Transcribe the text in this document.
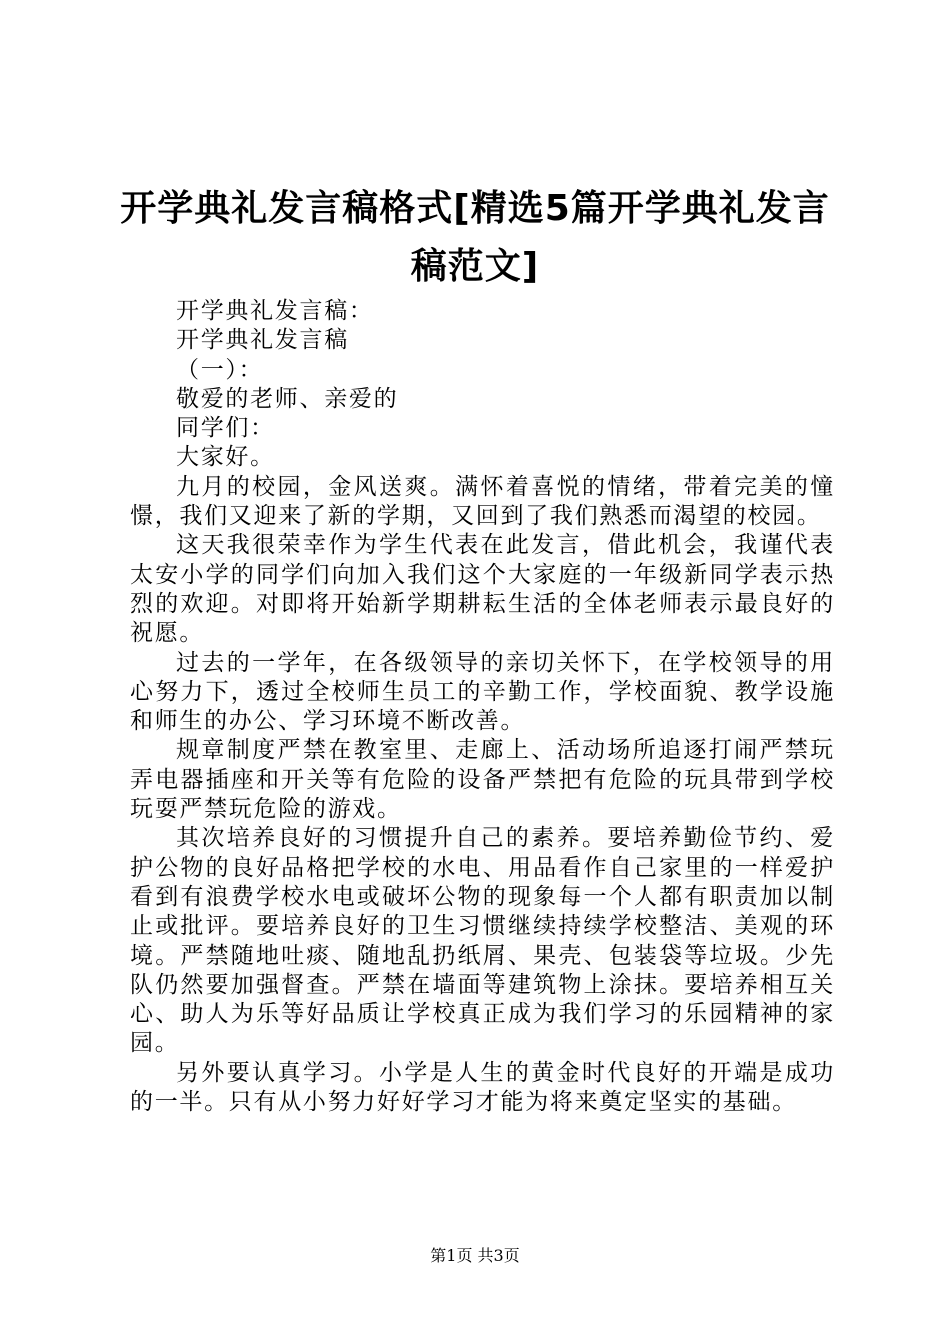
开学典礼发言稿格式[精选5篇开学典礼发言稿范文]

开学典礼发言稿：

开学典礼发言稿

（一）：

敬爱的老师、亲爱的

同学们：

大家好。

九月的校园，金风送爽。满怀着喜悦的情绪，带着完美的憧憬，我们又迎来了新的学期，又回到了我们熟悉而渴望的校园。

这天我很荣幸作为学生代表在此发言，借此机会，我谨代表太安小学的同学们向加入我们这个大家庭的一年级新同学表示热烈的欢迎。对即将开始新学期耕耘生活的全体老师表示最良好的祝愿。

过去的一学年，在各级领导的亲切关怀下，在学校领导的用心努力下，透过全校师生员工的辛勤工作，学校面貌、教学设施和师生的办公、学习环境不断改善。

规章制度严禁在教室里、走廊上、活动场所追逐打闹严禁玩弄电器插座和开关等有危险的设备严禁把有危险的玩具带到学校玩耍严禁玩危险的游戏。

其次培养良好的习惯提升自己的素养。要培养勤俭节约、爱护公物的良好品格把学校的水电、用品看作自己家里的一样爱护看到有浪费学校水电或破坏公物的现象每一个人都有职责加以制止或批评。要培养良好的卫生习惯继续持续学校整洁、美观的环境。严禁随地吐痰、随地乱扔纸屑、果壳、包装袋等垃圾。少先队仍然要加强督查。严禁在墙面等建筑物上涂抹。要培养相互关心、助人为乐等好品质让学校真正成为我们学习的乐园精神的家园。

另外要认真学习。小学是人生的黄金时代良好的开端是成功的一半。只有从小努力好好学习才能为将来奠定坚实的基础。

第1页 共3页
